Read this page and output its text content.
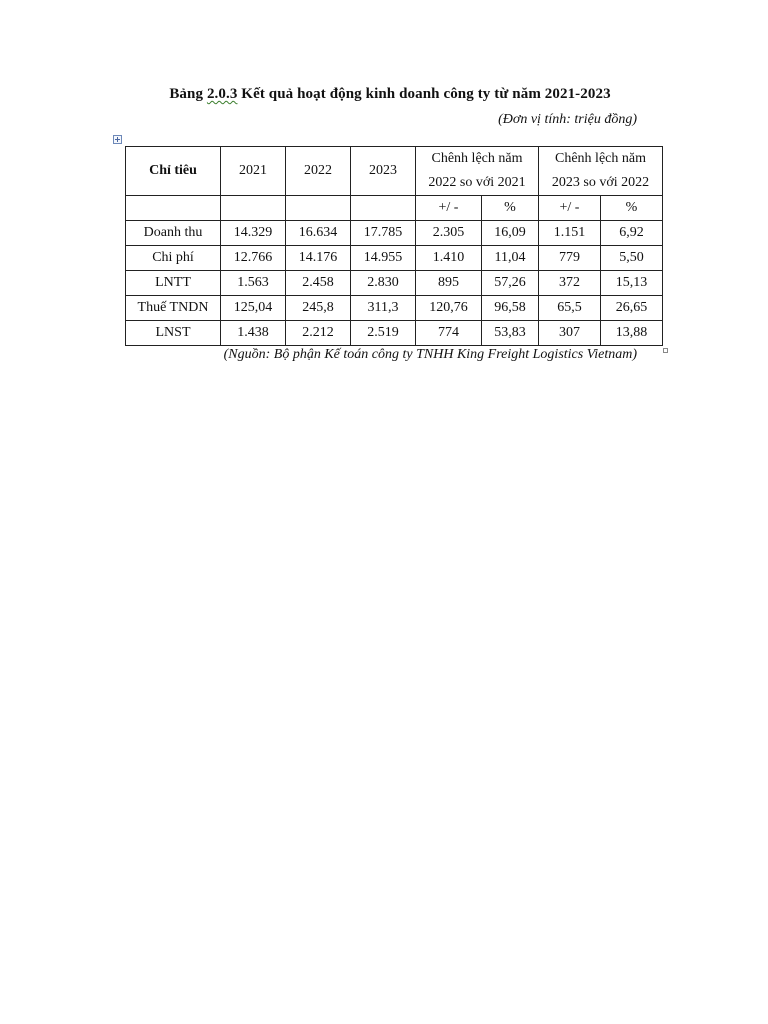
Bảng 2.0.3 Kết quả hoạt động kinh doanh công ty từ năm 2021-2023
(Đơn vị tính: triệu đồng)
Chỉ tiêu	2021	2022	2023	Chênh lệch năm		Chênh lệch năm	
				2022 so với 2021		2023 so với 2022	
				+/ -	%	+/ -	%
Doanh thu	14.329	16.634	17.785	2.305	16,09	1.151	6,92
Chi phí	12.766	14.176	14.955	1.410	11,04	779	5,50
LNTT	1.563	2.458	2.830	895	57,26	372	15,13
Thuế TNDN	125,04	245,8	311,3	120,76	96,58	65,5	26,65
LNST	1.438	2.212	2.519	774	53,83	307	13,88
(Nguồn: Bộ phận Kế toán công ty TNHH King Freight Logistics Vietnam)
